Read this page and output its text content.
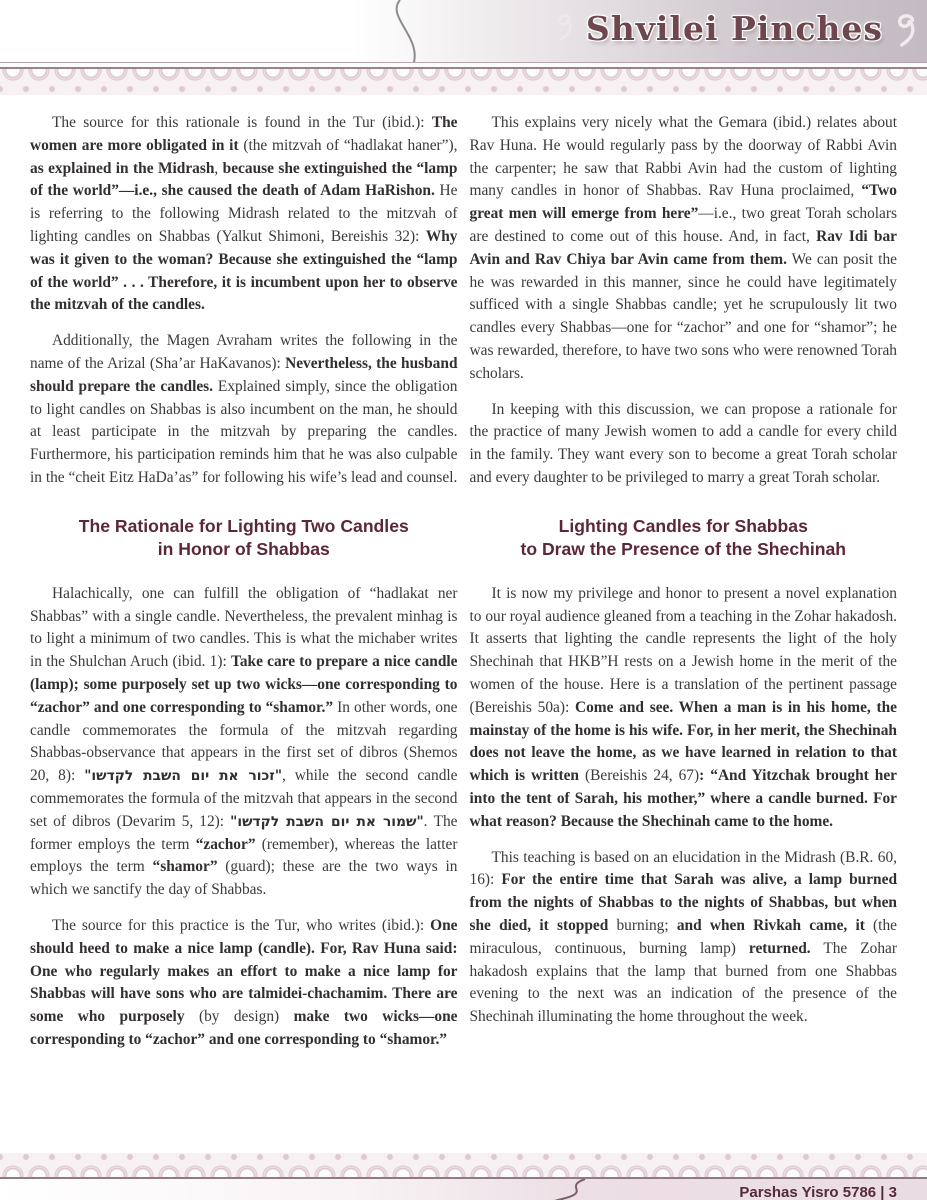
Shvilei Pinches

The source for this rationale is found in the Tur (ibid.): The women are more obligated in it (the mitzvah of “hadlakat haner”), as explained in the Midrash, because she extinguished the “lamp of the world”—i.e., she caused the death of Adam HaRishon. He is referring to the following Midrash related to the mitzvah of lighting candles on Shabbas (Yalkut Shimoni, Bereishis 32): Why was it given to the woman? Because she extinguished the “lamp of the world” . . . Therefore, it is incumbent upon her to observe the mitzvah of the candles.

Additionally, the Magen Avraham writes the following in the name of the Arizal (Sha’ar HaKavanos): Nevertheless, the husband should prepare the candles. Explained simply, since the obligation to light candles on Shabbas is also incumbent on the man, he should at least participate in the mitzvah by preparing the candles. Furthermore, his participation reminds him that he was also culpable in the “cheit Eitz HaDa’as” for following his wife’s lead and counsel.

The Rationale for Lighting Two Candles
in Honor of Shabbas

Halachically, one can fulfill the obligation of “hadlakat ner Shabbas” with a single candle. Nevertheless, the prevalent minhag is to light a minimum of two candles. This is what the michaber writes in the Shulchan Aruch (ibid. 1): Take care to prepare a nice candle (lamp); some purposely set up two wicks—one corresponding to “zachor” and one corresponding to “shamor.” In other words, one candle commemorates the formula of the mitzvah regarding Shabbas-observance that appears in the first set of dibros (Shemos 20, 8): "זכור את יום השבת לקדשו", while the second candle commemorates the formula of the mitzvah that appears in the second set of dibros (Devarim 5, 12): "שמור את יום השבת לקדשו". The former employs the term “zachor” (remember), whereas the latter employs the term “shamor” (guard); these are the two ways in which we sanctify the day of Shabbas.

The source for this practice is the Tur, who writes (ibid.): One should heed to make a nice lamp (candle). For, Rav Huna said: One who regularly makes an effort to make a nice lamp for Shabbas will have sons who are talmidei-chachamim. There are some who purposely (by design) make two wicks—one corresponding to “zachor” and one corresponding to “shamor.”

This explains very nicely what the Gemara (ibid.) relates about Rav Huna. He would regularly pass by the doorway of Rabbi Avin the carpenter; he saw that Rabbi Avin had the custom of lighting many candles in honor of Shabbas. Rav Huna proclaimed, “Two great men will emerge from here”—i.e., two great Torah scholars are destined to come out of this house. And, in fact, Rav Idi bar Avin and Rav Chiya bar Avin came from them. We can posit the he was rewarded in this manner, since he could have legitimately sufficed with a single Shabbas candle; yet he scrupulously lit two candles every Shabbas—one for “zachor” and one for “shamor”; he was rewarded, therefore, to have two sons who were renowned Torah scholars.

In keeping with this discussion, we can propose a rationale for the practice of many Jewish women to add a candle for every child in the family. They want every son to become a great Torah scholar and every daughter to be privileged to marry a great Torah scholar.

Lighting Candles for Shabbas
to Draw the Presence of the Shechinah

It is now my privilege and honor to present a novel explanation to our royal audience gleaned from a teaching in the Zohar hakadosh. It asserts that lighting the candle represents the light of the holy Shechinah that HKB”H rests on a Jewish home in the merit of the women of the house. Here is a translation of the pertinent passage (Bereishis 50a): Come and see. When a man is in his home, the mainstay of the home is his wife. For, in her merit, the Shechinah does not leave the home, as we have learned in relation to that which is written (Bereishis 24, 67): “And Yitzchak brought her into the tent of Sarah, his mother,” where a candle burned. For what reason? Because the Shechinah came to the home.

This teaching is based on an elucidation in the Midrash (B.R. 60, 16): For the entire time that Sarah was alive, a lamp burned from the nights of Shabbas to the nights of Shabbas, but when she died, it stopped burning; and when Rivkah came, it (the miraculous, continuous, burning lamp) returned. The Zohar hakadosh explains that the lamp that burned from one Shabbas evening to the next was an indication of the presence of the Shechinah illuminating the home throughout the week.

Parshas Yisro 5786 | 3
